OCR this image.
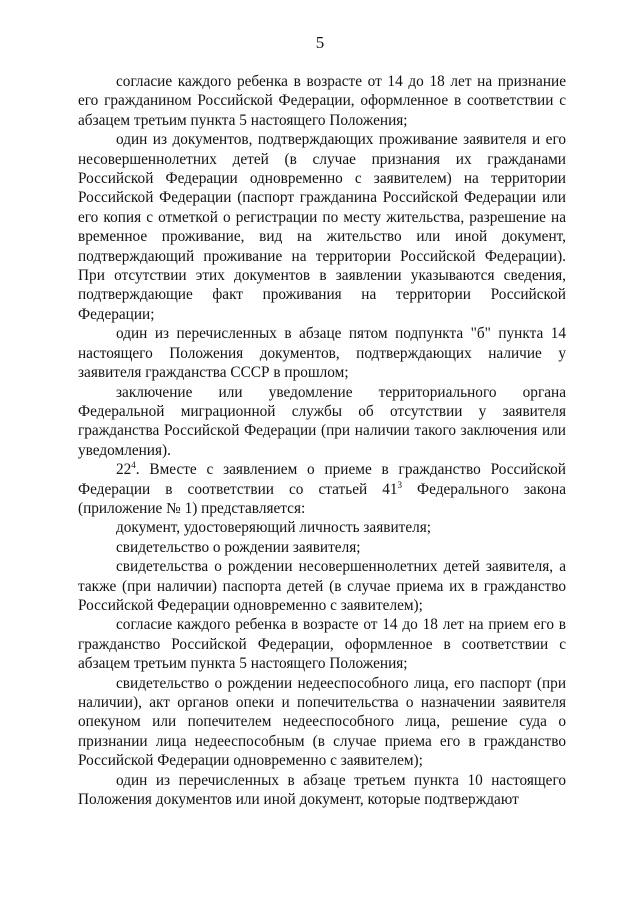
5

согласие каждого ребенка в возрасте от 14 до 18 лет на признание его гражданином Российской Федерации, оформленное в соответствии с абзацем третьим пункта 5 настоящего Положения;

один из документов, подтверждающих проживание заявителя и его несовершеннолетних детей (в случае признания их гражданами Российской Федерации одновременно с заявителем) на территории Российской Федерации (паспорт гражданина Российской Федерации или его копия с отметкой о регистрации по месту жительства, разрешение на временное проживание, вид на жительство или иной документ, подтверждающий проживание на территории Российской Федерации). При отсутствии этих документов в заявлении указываются сведения, подтверждающие факт проживания на территории Российской Федерации;

один из перечисленных в абзаце пятом подпункта "б" пункта 14 настоящего Положения документов, подтверждающих наличие у заявителя гражданства СССР в прошлом;

заключение или уведомление территориального органа Федеральной миграционной службы об отсутствии у заявителя гражданства Российской Федерации (при наличии такого заключения или уведомления).

$22^4$. Вместе с заявлением о приеме в гражданство Российской Федерации в соответствии со статьей $41^3$ Федерального закона (приложение № 1) представляется:

документ, удостоверяющий личность заявителя;

свидетельство о рождении заявителя;

свидетельства о рождении несовершеннолетних детей заявителя, а также (при наличии) паспорта детей (в случае приема их в гражданство Российской Федерации одновременно с заявителем);

согласие каждого ребенка в возрасте от 14 до 18 лет на прием его в гражданство Российской Федерации, оформленное в соответствии с абзацем третьим пункта 5 настоящего Положения;

свидетельство о рождении недееспособного лица, его паспорт (при наличии), акт органов опеки и попечительства о назначении заявителя опекуном или попечителем недееспособного лица, решение суда о признании лица недееспособным (в случае приема его в гражданство Российской Федерации одновременно с заявителем);

один из перечисленных в абзаце третьем пункта 10 настоящего Положения документов или иной документ, которые подтверждают
